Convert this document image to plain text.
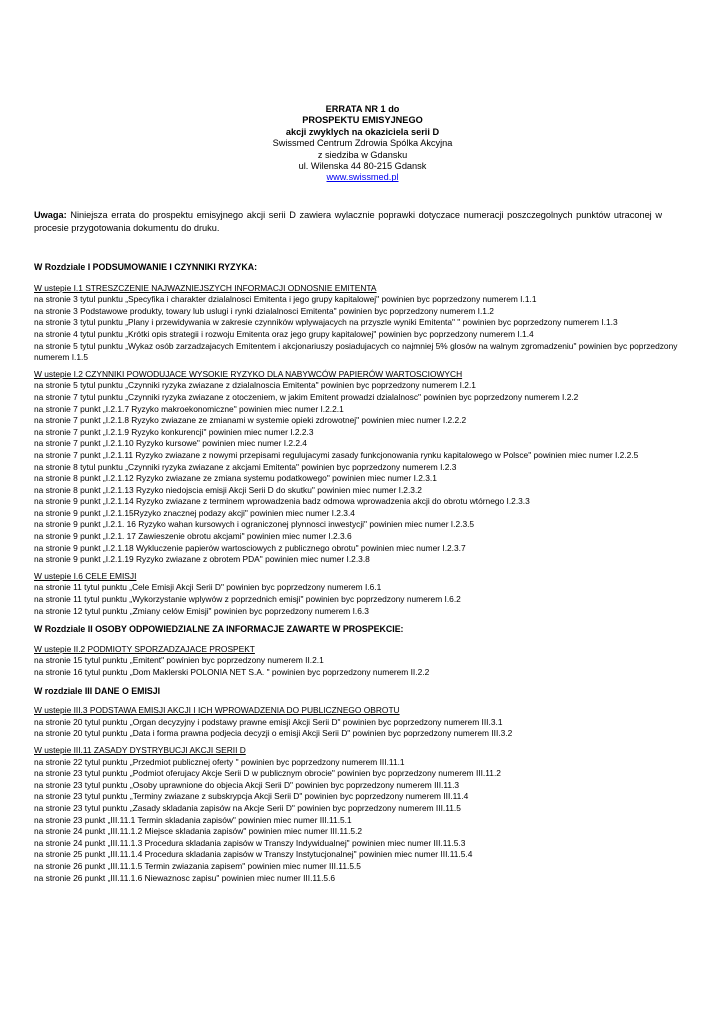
ERRATA NR 1 do
PROSPEKTU EMISYJNEGO
akcji zwyklych na okaziciela serii D
Swissmed Centrum Zdrowia Spólka Akcyjna
z siedziba w Gdansku
ul. Wilenska 44 80-215 Gdansk
www.swissmed.pl
Uwaga: Niniejsza errata do prospektu emisyjnego akcji serii D zawiera wylacznie poprawki dotyczace numeracji poszczegolnych punktów utraconej w procesie przygotowania dokumentu do druku.
W Rozdziale I PODSUMOWANIE I CZYNNIKI RYZYKA:
W ustepie I.1 STRESZCZENIE NAJWAZNIEJSZYCH INFORMACJI ODNOSNIE EMITENTA
na stronie 3 tytul punktu „Specyfika i charakter dzialalnosci Emitenta i jego grupy kapitalowej" powinien byc poprzedzony numerem I.1.1
na stronie 3 Podstawowe produkty, towary lub uslugi i rynki dzialalnosci Emitenta" powinien byc poprzedzony numerem I.1.2
na stronie 3 tytul punktu „Plany i przewidywania w zakresie czynników wplywajacych na przyszle wyniki Emitenta" " powinien byc poprzedzony numerem I.1.3
na stronie 4 tytul punktu „Krótki opis strategii i rozwoju Emitenta oraz jego grupy kapitalowej" powinien byc poprzedzony numerem I.1.4
na stronie 5 tytul punktu „Wykaz osób zarzadzajacych Emitentem i akcjonariuszy posiadujacych co najmniej 5% glosów na walnym zgromadzeniu" powinien byc poprzedzony numerem I.1.5
W ustepie I.2 CZYNNIKI POWODUJACE WYSOKIE RYZYKO DLA NABYWCÓW PAPIERÓW WARTOSCIOWYCH
na stronie 5 tytul punktu „Czynniki ryzyka zwiazane z dzialalnoscia Emitenta" powinien byc poprzedzony numerem I.2.1
na stronie 7 tytul punktu „Czynniki ryzyka zwiazane z otoczeniem, w jakim Emitent prowadzi dzialalnosc" powinien byc poprzedzony numerem I.2.2
na stronie 7 punkt „I.2.1.7 Ryzyko makroekonomiczne" powinien miec numer I.2.2.1
na stronie 7 punkt „I.2.1.8 Ryzyko zwiazane ze zmianami w systemie opieki zdrowotnej" powinien miec numer I.2.2.2
na stronie 7 punkt „I.2.1.9 Ryzyko konkurencji" powinien miec numer I.2.2.3
na stronie 7 punkt „I.2.1.10 Ryzyko kursowe" powinien miec numer I.2.2.4
na stronie 7 punkt „I.2.1.11 Ryzyko zwiazane z nowymi przepisami regulujacymi zasady funkcjonowania rynku kapitalowego w Polsce" powinien miec numer I.2.2.5
na stronie 8 tytul punktu „Czynniki ryzyka zwiazane z akcjami Emitenta" powinien byc poprzedzony numerem I.2.3
na stronie 8 punkt „I.2.1.12 Ryzyko zwiazane ze zmiana systemu podatkowego" powinien miec numer I.2.3.1
na stronie 8 punkt „I.2.1.13 Ryzyko niedojscia emisji Akcji Serii D do skutku" powinien miec numer I.2.3.2
na stronie 9 punkt „I.2.1.14 Ryzyko zwiazane z terminem wprowadzenia badz odmowa wprowadzenia akcji do obrotu wtórnego I.2.3.3
na stronie 9 punkt „I.2.1.15Ryzyko znacznej podazy akcji" powinien miec numer I.2.3.4
na stronie 9 punkt „I.2.1. 16 Ryzyko wahan kursowych i ograniczonej plynnosci inwestycji" powinien miec numer I.2.3.5
na stronie 9 punkt „I.2.1. 17 Zawieszenie obrotu akcjami" powinien miec numer I.2.3.6
na stronie 9 punkt „I.2.1.18 Wykluczenie papierów wartosciowych z publicznego obrotu" powinien miec numer I.2.3.7
na stronie 9 punkt „I.2.1.19 Ryzyko zwiazane z obrotem PDA" powinien miec numer I.2.3.8
W ustepie I.6 CELE EMISJI
na stronie 11 tytul punktu „Cele Emisji Akcji Serii D" powinien byc poprzedzony numerem I.6.1
na stronie 11 tytul punktu „Wykorzystanie wplywów z poprzednich emisji" powinien byc poprzedzony numerem I.6.2
na stronie 12 tytul punktu „Zmiany celów Emisji" powinien byc poprzedzony numerem I.6.3
W Rozdziale II OSOBY ODPOWIEDZIALNE ZA INFORMACJE ZAWARTE W PROSPEKCIE:
W ustepie II.2 PODMIOTY SPORZADZAJACE PROSPEKT
na stronie 15 tytul punktu „Emitent" powinien byc poprzedzony numerem II.2.1
na stronie 16 tytul punktu „Dom Maklerski POLONIA NET S.A. " powinien byc poprzedzony numerem II.2.2
W rozdziale III DANE O EMISJI
W ustepie III.3 PODSTAWA EMISJI AKCJI I ICH WPROWADZENIA DO PUBLICZNEGO OBROTU
na stronie 20 tytul punktu „Organ decyzyjny i podstawy prawne emisji Akcji Serii D" powinien byc poprzedzony numerem III.3.1
na stronie 20 tytul punktu „Data i forma prawna podjecia decyzji o emisji Akcji Serii D" powinien byc poprzedzony numerem III.3.2
W ustepie III.11 ZASADY DYSTRYBUCJI AKCJI SERII D
na stronie 22 tytul punktu „Przedmiot publicznej oferty " powinien byc poprzedzony numerem III.11.1
na stronie 23 tytul punktu „Podmiot oferujacy Akcje Serii D w publicznym obrocie" powinien byc poprzedzony numerem III.11.2
na stronie 23 tytul punktu „Osoby uprawnione do objecia Akcji Serii D" powinien byc poprzedzony numerem III.11.3
na stronie 23 tytul punktu „Terminy zwiazane z subskrypcja Akcji Serii D" powinien byc poprzedzony numerem III.11.4
na stronie 23 tytul punktu „Zasady skladania zapisów na Akcje Serii D" powinien byc poprzedzony numerem III.11.5
na stronie 23 punkt „III.11.1 Termin skladania zapisów" powinien miec numer III.11.5.1
na stronie 24 punkt „III.11.1.2 Miejsce skladania zapisów" powinien miec numer III.11.5.2
na stronie 24 punkt „III.11.1.3 Procedura skladania zapisów w Transzy Indywidualnej" powinien miec numer III.11.5.3
na stronie 25 punkt „III.11.1.4 Procedura skladania zapisów w Transzy Instytucjonalnej" powinien miec numer III.11.5.4
na stronie 26 punkt „III.11.1.5 Termin zwiazania zapisem" powinien miec numer III.11.5.5
na stronie 26 punkt „III.11.1.6 Niewaznosc zapisu" powinien miec numer III.11.5.6
